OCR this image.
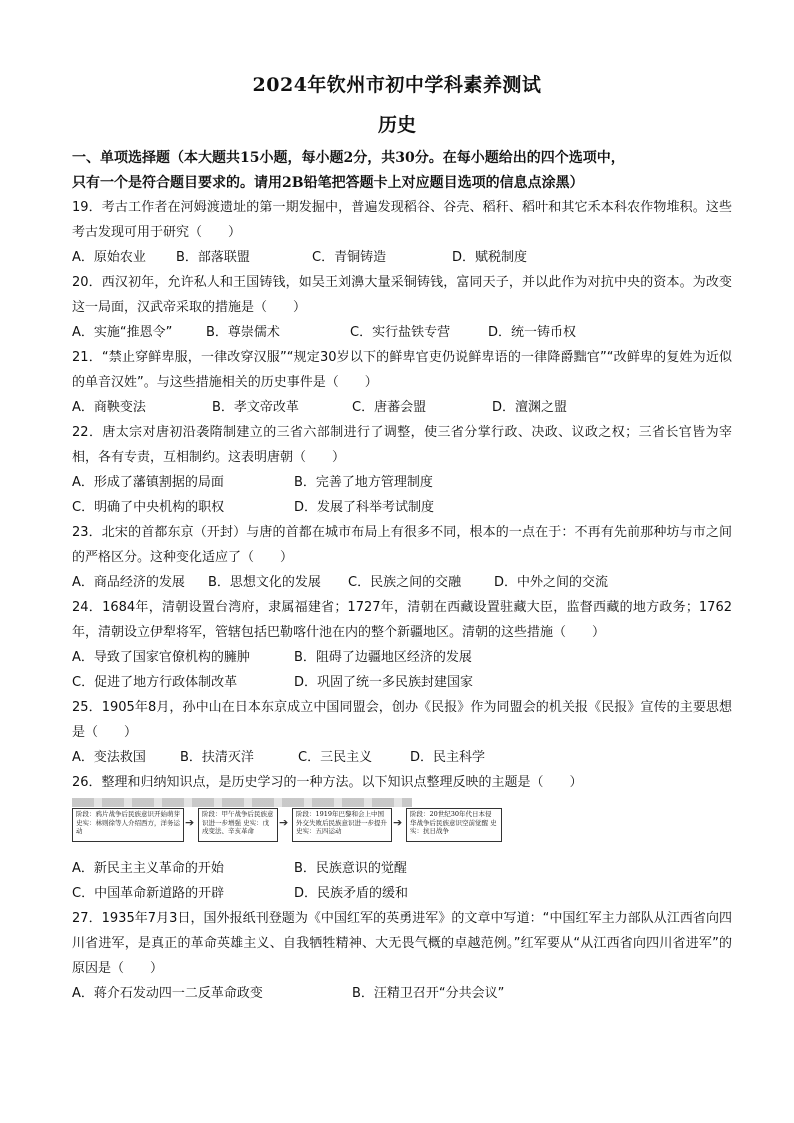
2024年钦州市初中学科素养测试
历史
一、单项选择题（本大题共15小题，每小题2分，共30分。在每小题给出的四个选项中，
只有一个是符合题目要求的。请用2B铅笔把答题卡上对应题目选项的信息点涂黑）
19．考古工作者在河姆渡遗址的第一期发掘中，普遍发现稻谷、谷壳、稻秆、稻叶和其它禾本科农作物堆积。这些考古发现可用于研究（　　）
A．原始农业	B．部落联盟	C．青铜铸造	D．赋税制度
20．西汉初年，允许私人和王国铸钱，如吴王刘濞大量采铜铸钱，富同天子，并以此作为对抗中央的资本。为改变这一局面，汉武帝采取的措施是（　　）
A．实施“推恩令”	B．尊崇儒术	C．实行盐铁专营	D．统一铸币权
21．“禁止穿鲜卑服，一律改穿汉服”“规定30岁以下的鲜卑官吏仍说鲜卑语的一律降爵黜官”“改鲜卑的复姓为近似的单音汉姓”。与这些措施相关的历史事件是（　　）
A．商鞅变法	B．孝文帝改革	C．唐蕃会盟	D．澶渊之盟
22．唐太宗对唐初沿袭隋制建立的三省六部制进行了调整，使三省分掌行政、决政、议政之权；三省长官皆为宰相，各有专责，互相制约。这表明唐朝（　　）
A．形成了藩镇割据的局面	B．完善了地方管理制度
C．明确了中央机构的职权	D．发展了科举考试制度
23．北宋的首都东京（开封）与唐的首都在城市布局上有很多不同，根本的一点在于：不再有先前那种坊与市之间的严格区分。这种变化适应了（　　）
A．商品经济的发展	B．思想文化的发展	C．民族之间的交融	D．中外之间的交流
24．1684年，清朝设置台湾府，隶属福建省；1727年，清朝在西藏设置驻藏大臣，监督西藏的地方政务；1762年，清朝设立伊犁将军，管辖包括巴勒喀什池在内的整个新疆地区。清朝的这些措施（　　）
A．导致了国家官僚机构的臃肿	B．阻碍了边疆地区经济的发展
C．促进了地方行政体制改革	D．巩固了统一多民族封建国家
25．1905年8月，孙中山在日本东京成立中国同盟会，创办《民报》作为同盟会的机关报《民报》宣传的主要思想是（　　）
A．变法救国	B．扶清灭洋	C．三民主义	D．民主科学
26．整理和归纳知识点，是历史学习的一种方法。以下知识点整理反映的主题是（　　）
阶段：鸦片战争后民族意识开始萌芽 史实：林则徐等人介绍西方，洋务运动
➔
阶段：甲午战争后民族意识进一步增强 史实：戊戌变法、辛亥革命
➔
阶段：1919年巴黎和会上中国外交失败后民族意识进一步提升 史实：五四运动
➔
阶段：20世纪30年代日本侵华战争后民族意识空前觉醒 史实：抗日战争
A．新民主主义革命的开始	B．民族意识的觉醒
C．中国革命新道路的开辟	D．民族矛盾的缓和
27．1935年7月3日，国外报纸刊登题为《中国红军的英勇进军》的文章中写道：“中国红军主力部队从江西省向四川省进军，是真正的革命英雄主义、自我牺牲精神、大无畏气概的卓越范例。”红军要从“从江西省向四川省进军”的原因是（　　）
A．蒋介石发动四一二反革命政变	B．汪精卫召开“分共会议”
